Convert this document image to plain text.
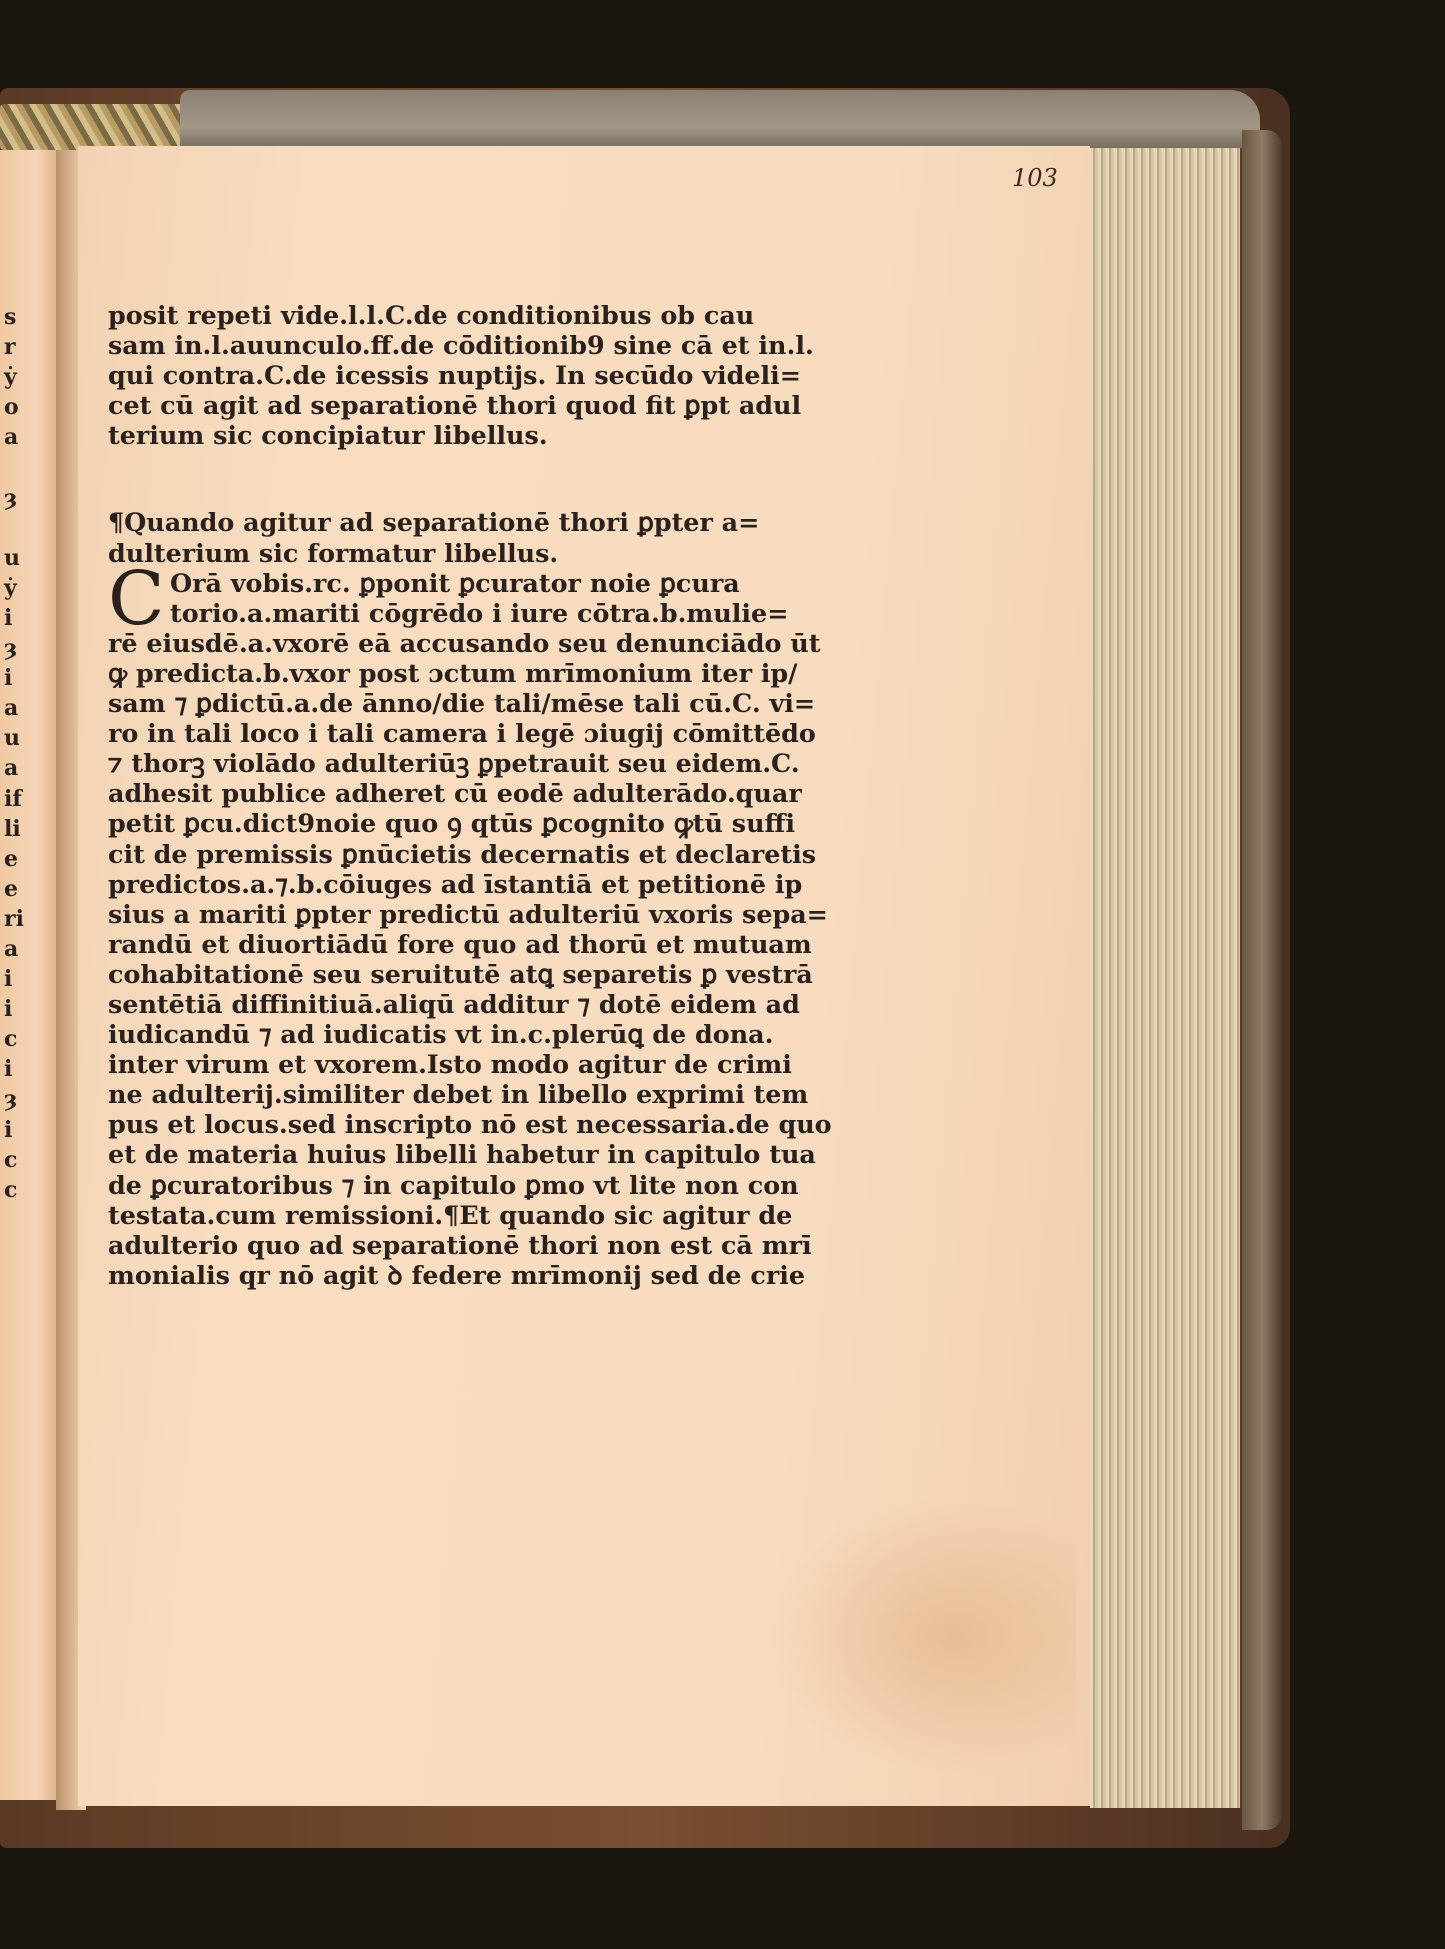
103
s
r
ẏ
o
a

ȝ

u
ẏ
i
ȝ
i
a
u
a
if
li
e
e
ri
a
i
i
c
i
ȝ
i
c
c
posit repeti vide.l.l.C.de conditionibus ob cau
sam in.l.auunculo.ff.de cōditionib9 sine cā et in.l.
qui contra.C.de icessis nuptijs. In secūdo videli=
cet cū agit ad separationē thori quod fit ꝑpt adul
terium sic concipiatur libellus.
¶Quando agitur ad separationē thori ꝑpter a=
dulterium sic formatur libellus.
C Orā vobis.rc. ꝑponit ꝑcurator noie ꝑcura
torio.a.mariti cōgrēdo i iure cōtra.b.mulie=
rē eiusdē.a.vxorē eā accusando seu denunciādo ūt
ꝙ predicta.b.vxor post ɔctum mrīmonium iter ip/
sam ⁊ ꝑdictū.a.de ānno/die tali/mēse tali cū.C. vi=
ro in tali loco i tali camera i legē ɔiugij cōmittēdo
⁊ thorꝫ violādo adulteriūꝫ ꝑpetrauit seu eidem.C.
adhesit publice adheret cū eodē adulterādo.quar
petit ꝑcu.dict9noie quo ꝯ qtūs ꝑcognito ꝙtū suffi
cit de premissis ꝑnūcietis decernatis et declaretis
predictos.a.⁊.b.cōiuges ad īstantiā et petitionē ip
sius a mariti ꝑpter predictū adulteriū vxoris sepa=
randū et diuortiādū fore quo ad thorū et mutuam
cohabitationē seu seruitutē atꝗ separetis ꝑ vestrā
sentētiā diffinitiuā.aliqū additur ⁊ dotē eidem ad
iudicandū ⁊ ad iudicatis vt in.c.plerūꝗ de dona.
inter virum et vxorem.Isto modo agitur de crimi
ne adulterij.similiter debet in libello exprimi tem
pus et locus.sed inscripto nō est necessaria.de quo
et de materia huius libelli habetur in capitulo tua
de ꝑcuratoribus ⁊ in capitulo ꝑmo vt lite non con
testata.cum remissioni.¶Et quando sic agitur de
adulterio quo ad separationē thori non est cā mrī
monialis qr nō agit ꝺ federe mrīmonij sed de crie
